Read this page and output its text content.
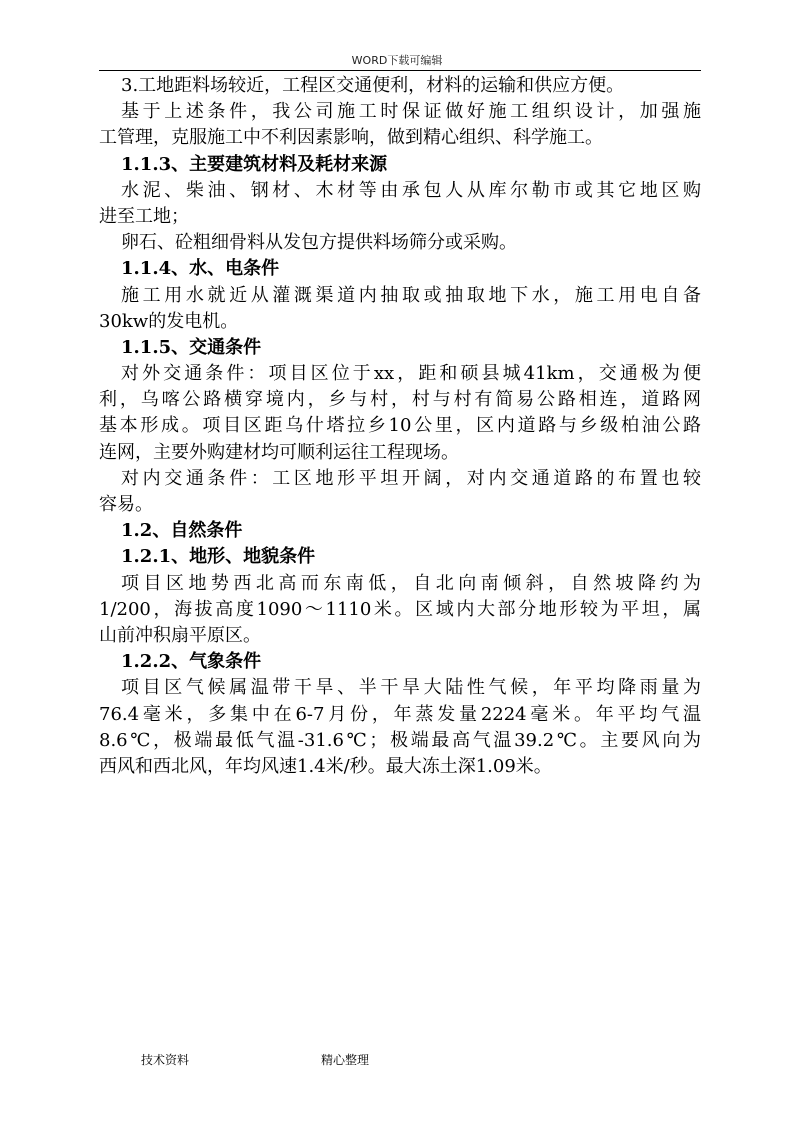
WORD下载可编辑
3.工地距料场较近，工程区交通便利，材料的运输和供应方便。
基于上述条件，我公司施工时保证做好施工组织设计，加强施
工管理，克服施工中不利因素影响，做到精心组织、科学施工。
1.1.3、主要建筑材料及耗材来源
水泥、柴油、钢材、木材等由承包人从库尔勒市或其它地区购
进至工地；
卵石、砼粗细骨料从发包方提供料场筛分或采购。
1.1.4、水、电条件
施工用水就近从灌溉渠道内抽取或抽取地下水，施工用电自备
30kw的发电机。
1.1.5、交通条件
对外交通条件：项目区位于xx，距和硕县城41km，交通极为便
利，乌喀公路横穿境内，乡与村，村与村有简易公路相连，道路网
基本形成。项目区距乌什塔拉乡10公里，区内道路与乡级柏油公路
连网，主要外购建材均可顺利运往工程现场。
对内交通条件：工区地形平坦开阔，对内交通道路的布置也较
容易。
1.2、自然条件
1.2.1、地形、地貌条件
项目区地势西北高而东南低，自北向南倾斜，自然坡降约为
1/200，海拔高度1090～1110米。区域内大部分地形较为平坦，属
山前冲积扇平原区。
1.2.2、气象条件
项目区气候属温带干旱、半干旱大陆性气候，年平均降雨量为
76.4毫米，多集中在6-7月份，年蒸发量2224毫米。年平均气温
8.6℃，极端最低气温-31.6℃；极端最高气温39.2℃。主要风向为
西风和西北风，年均风速1.4米/秒。最大冻土深1.09米。
技术资料	精心整理
